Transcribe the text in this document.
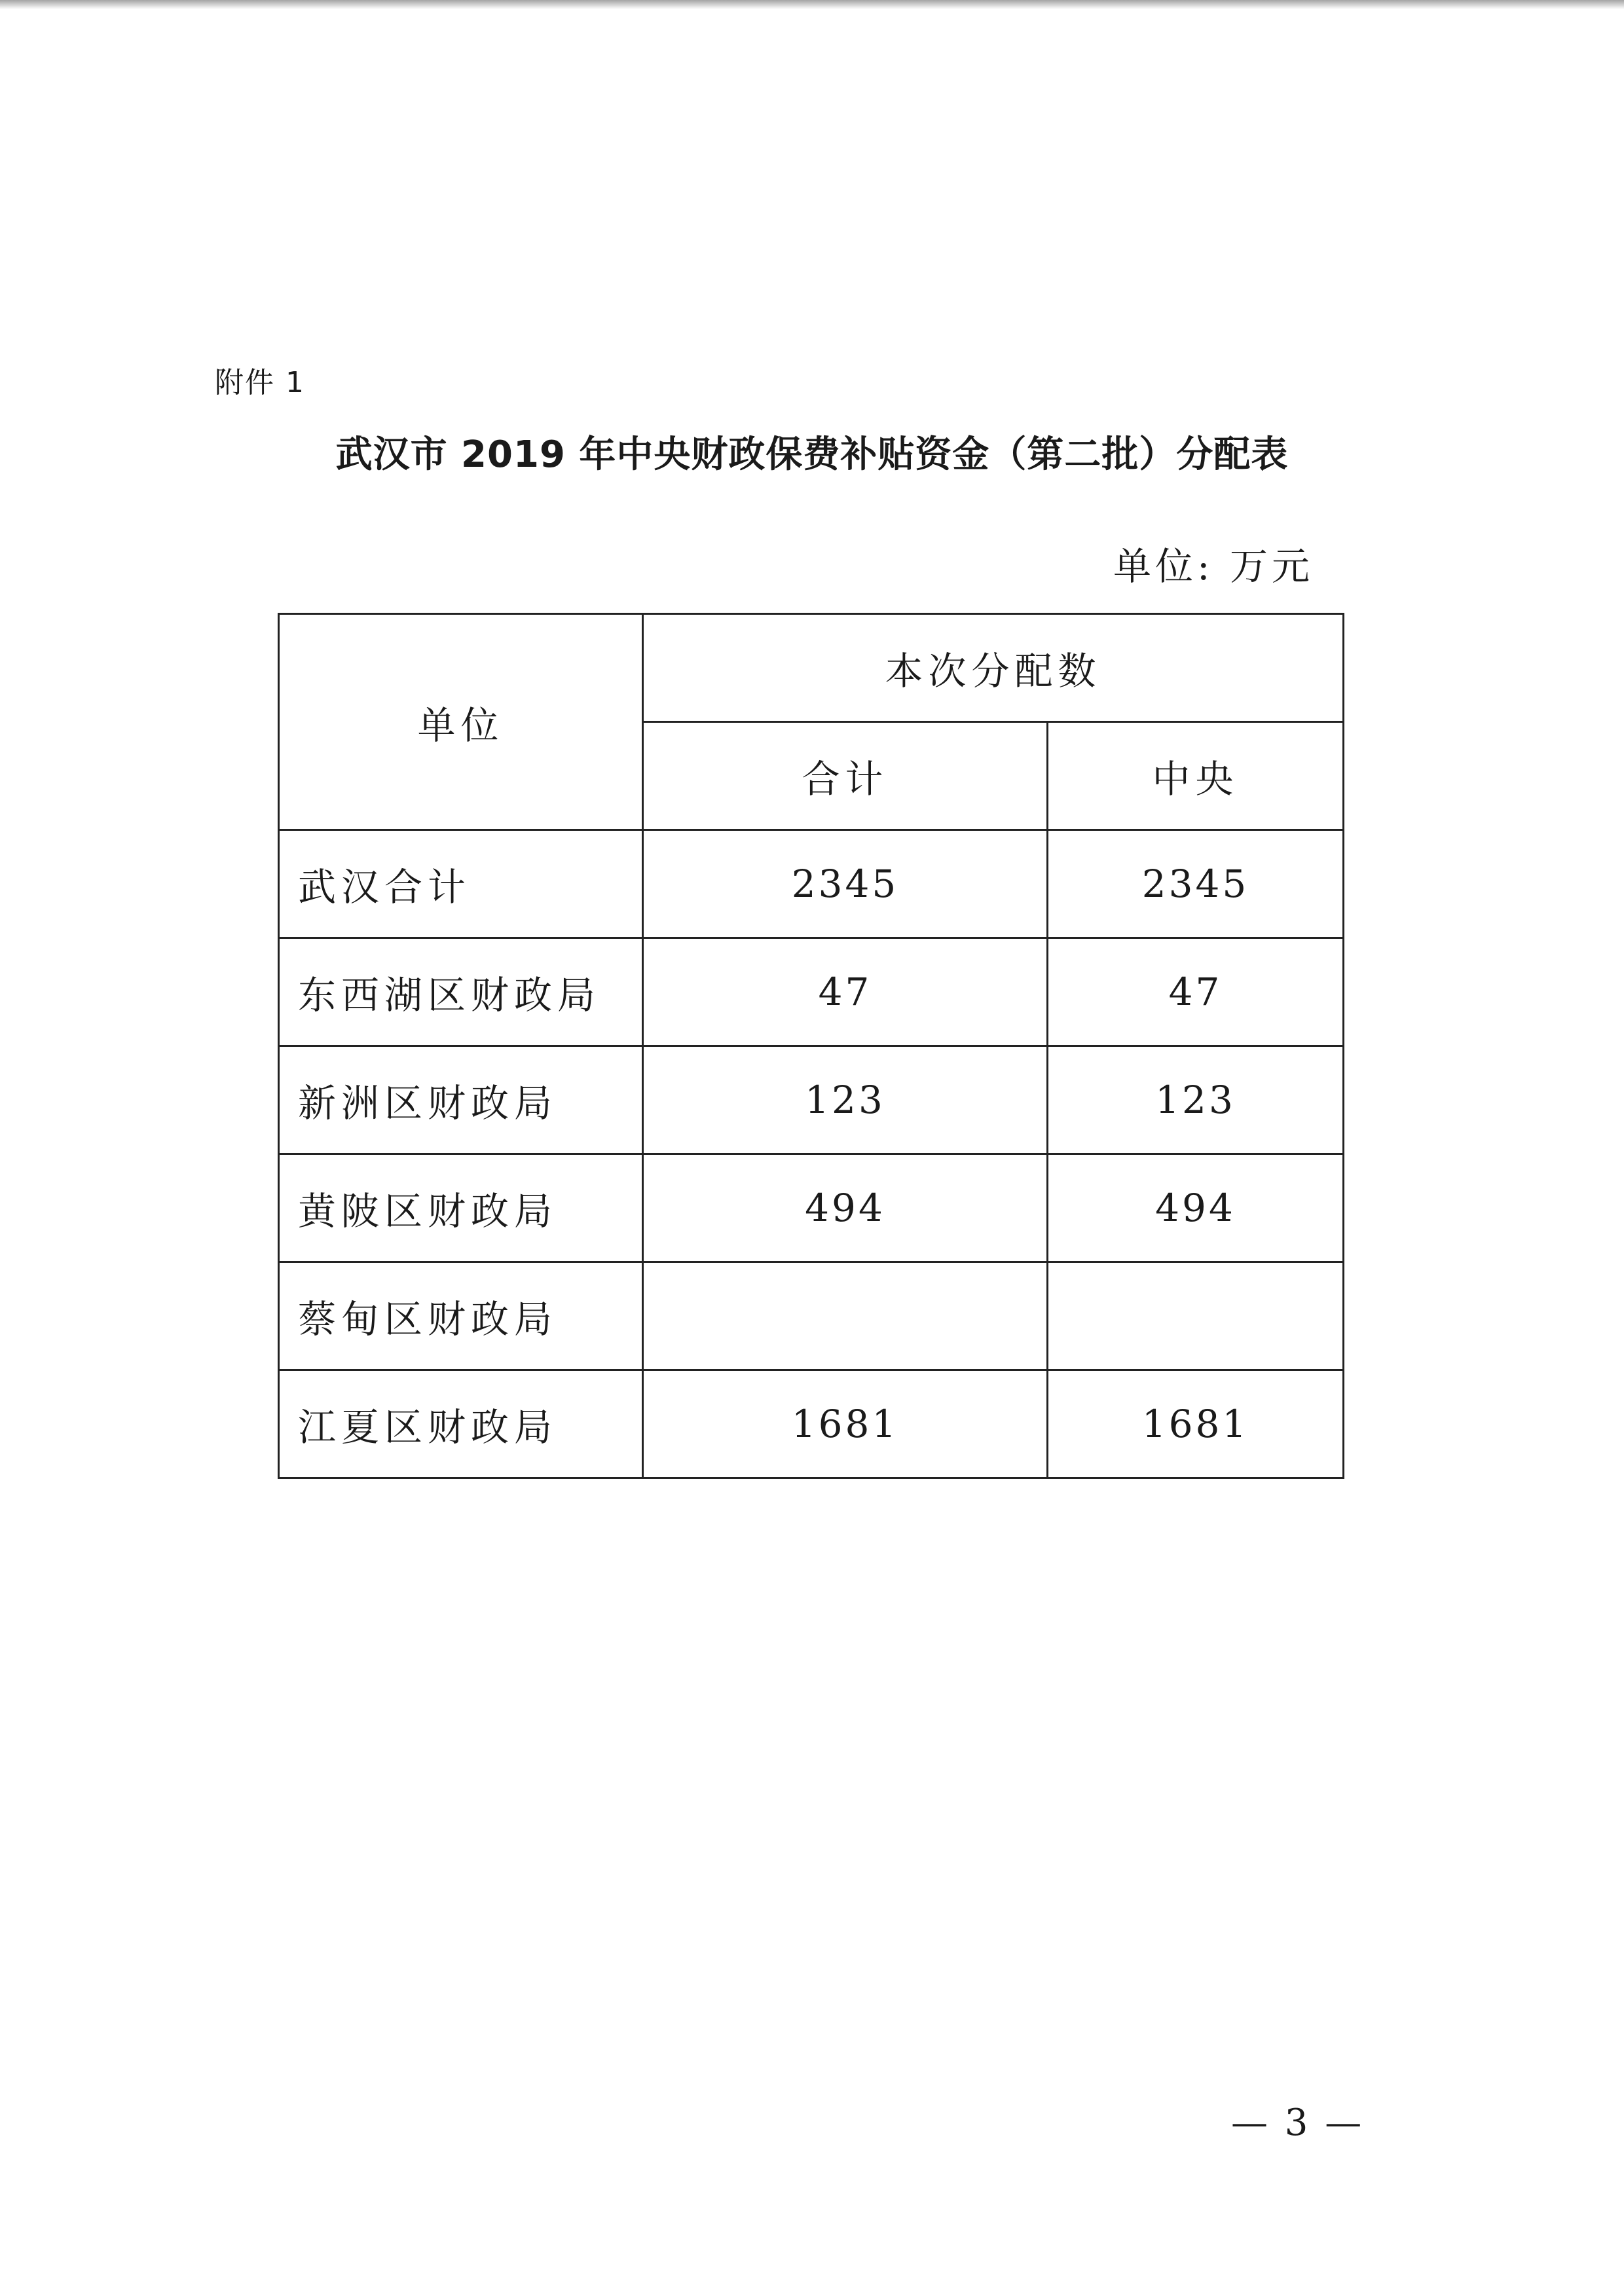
附件 1
武汉市 2019 年中央财政保费补贴资金（第二批）分配表
单位: 万元
单位	本次分配数	
	合计	中央
武汉合计	2345	2345
东西湖区财政局	47	47
新洲区财政局	123	123
黄陂区财政局	494	494
蔡甸区财政局		
江夏区财政局	1681	1681
— 3 —
